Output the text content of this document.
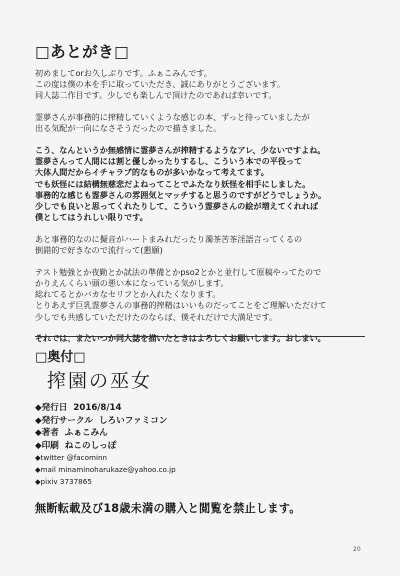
□あとがき□

初めましてorお久しぶりです。ふぁこみんです。
この度は僕の本を手に取っていただき、誠にありがとうございます。
同人誌二作目です。少しでも楽しんで頂けたのであれば幸いです。

霊夢さんが事務的に搾精していくような感じの本、ずっと待っていましたが
出る気配が一向になさそうだったので描きました。

こう、なんというか無感情に霊夢さんが搾精するようなアレ、少ないですよね。
霊夢さんって人間には割と優しかったりするし、こういう本での平役って
大体人間だからイチャラブ的なものが多いかなって考えてます。
でも妖怪には結構無慈悲だよねってことでふたなり妖怪を相手にしました。
事務的な感じも霊夢さんの雰囲気とマッチすると思うのですがどうでしょうか。
少しでも良いと思ってくれたりして、こういう霊夢さんの絵が増えてくれれば
僕としてはうれしい限りです。

あと事務的なのに擬音がハートまみれだったり濁茶苦茶淫語言ってくるの
倒錯的で好きなので流行って(懇願)

テスト勉強とか夜勤とか試法の準備とかpso2とかと並行して原稿やってたので
かりえんくらい頭の悪い本になっている気がします。
総れてるとかバカなセリフとか入れたくなります。
とりあえず巨乳霊夢さんの事務的搾精はいいものだってことをご理解いただけて
少しでも共感していただけたのならば、僕それだけで大満足です。

それでは、またいつか同人誌を描いたときはよろしくお願いします。おしまい。

□奥付□
搾園の巫女
◆発行日 2016/8/14
◆発行サークル しろいファミコン
◆著者 ふぁこみん
◆印刷 ねこのしっぽ
◆twitter @facominn
◆mail minaminoharukaze@yahoo.co.jp
◆pixiv 3737865
無断転載及び18歳未満の購入と閲覧を禁止します。
20
